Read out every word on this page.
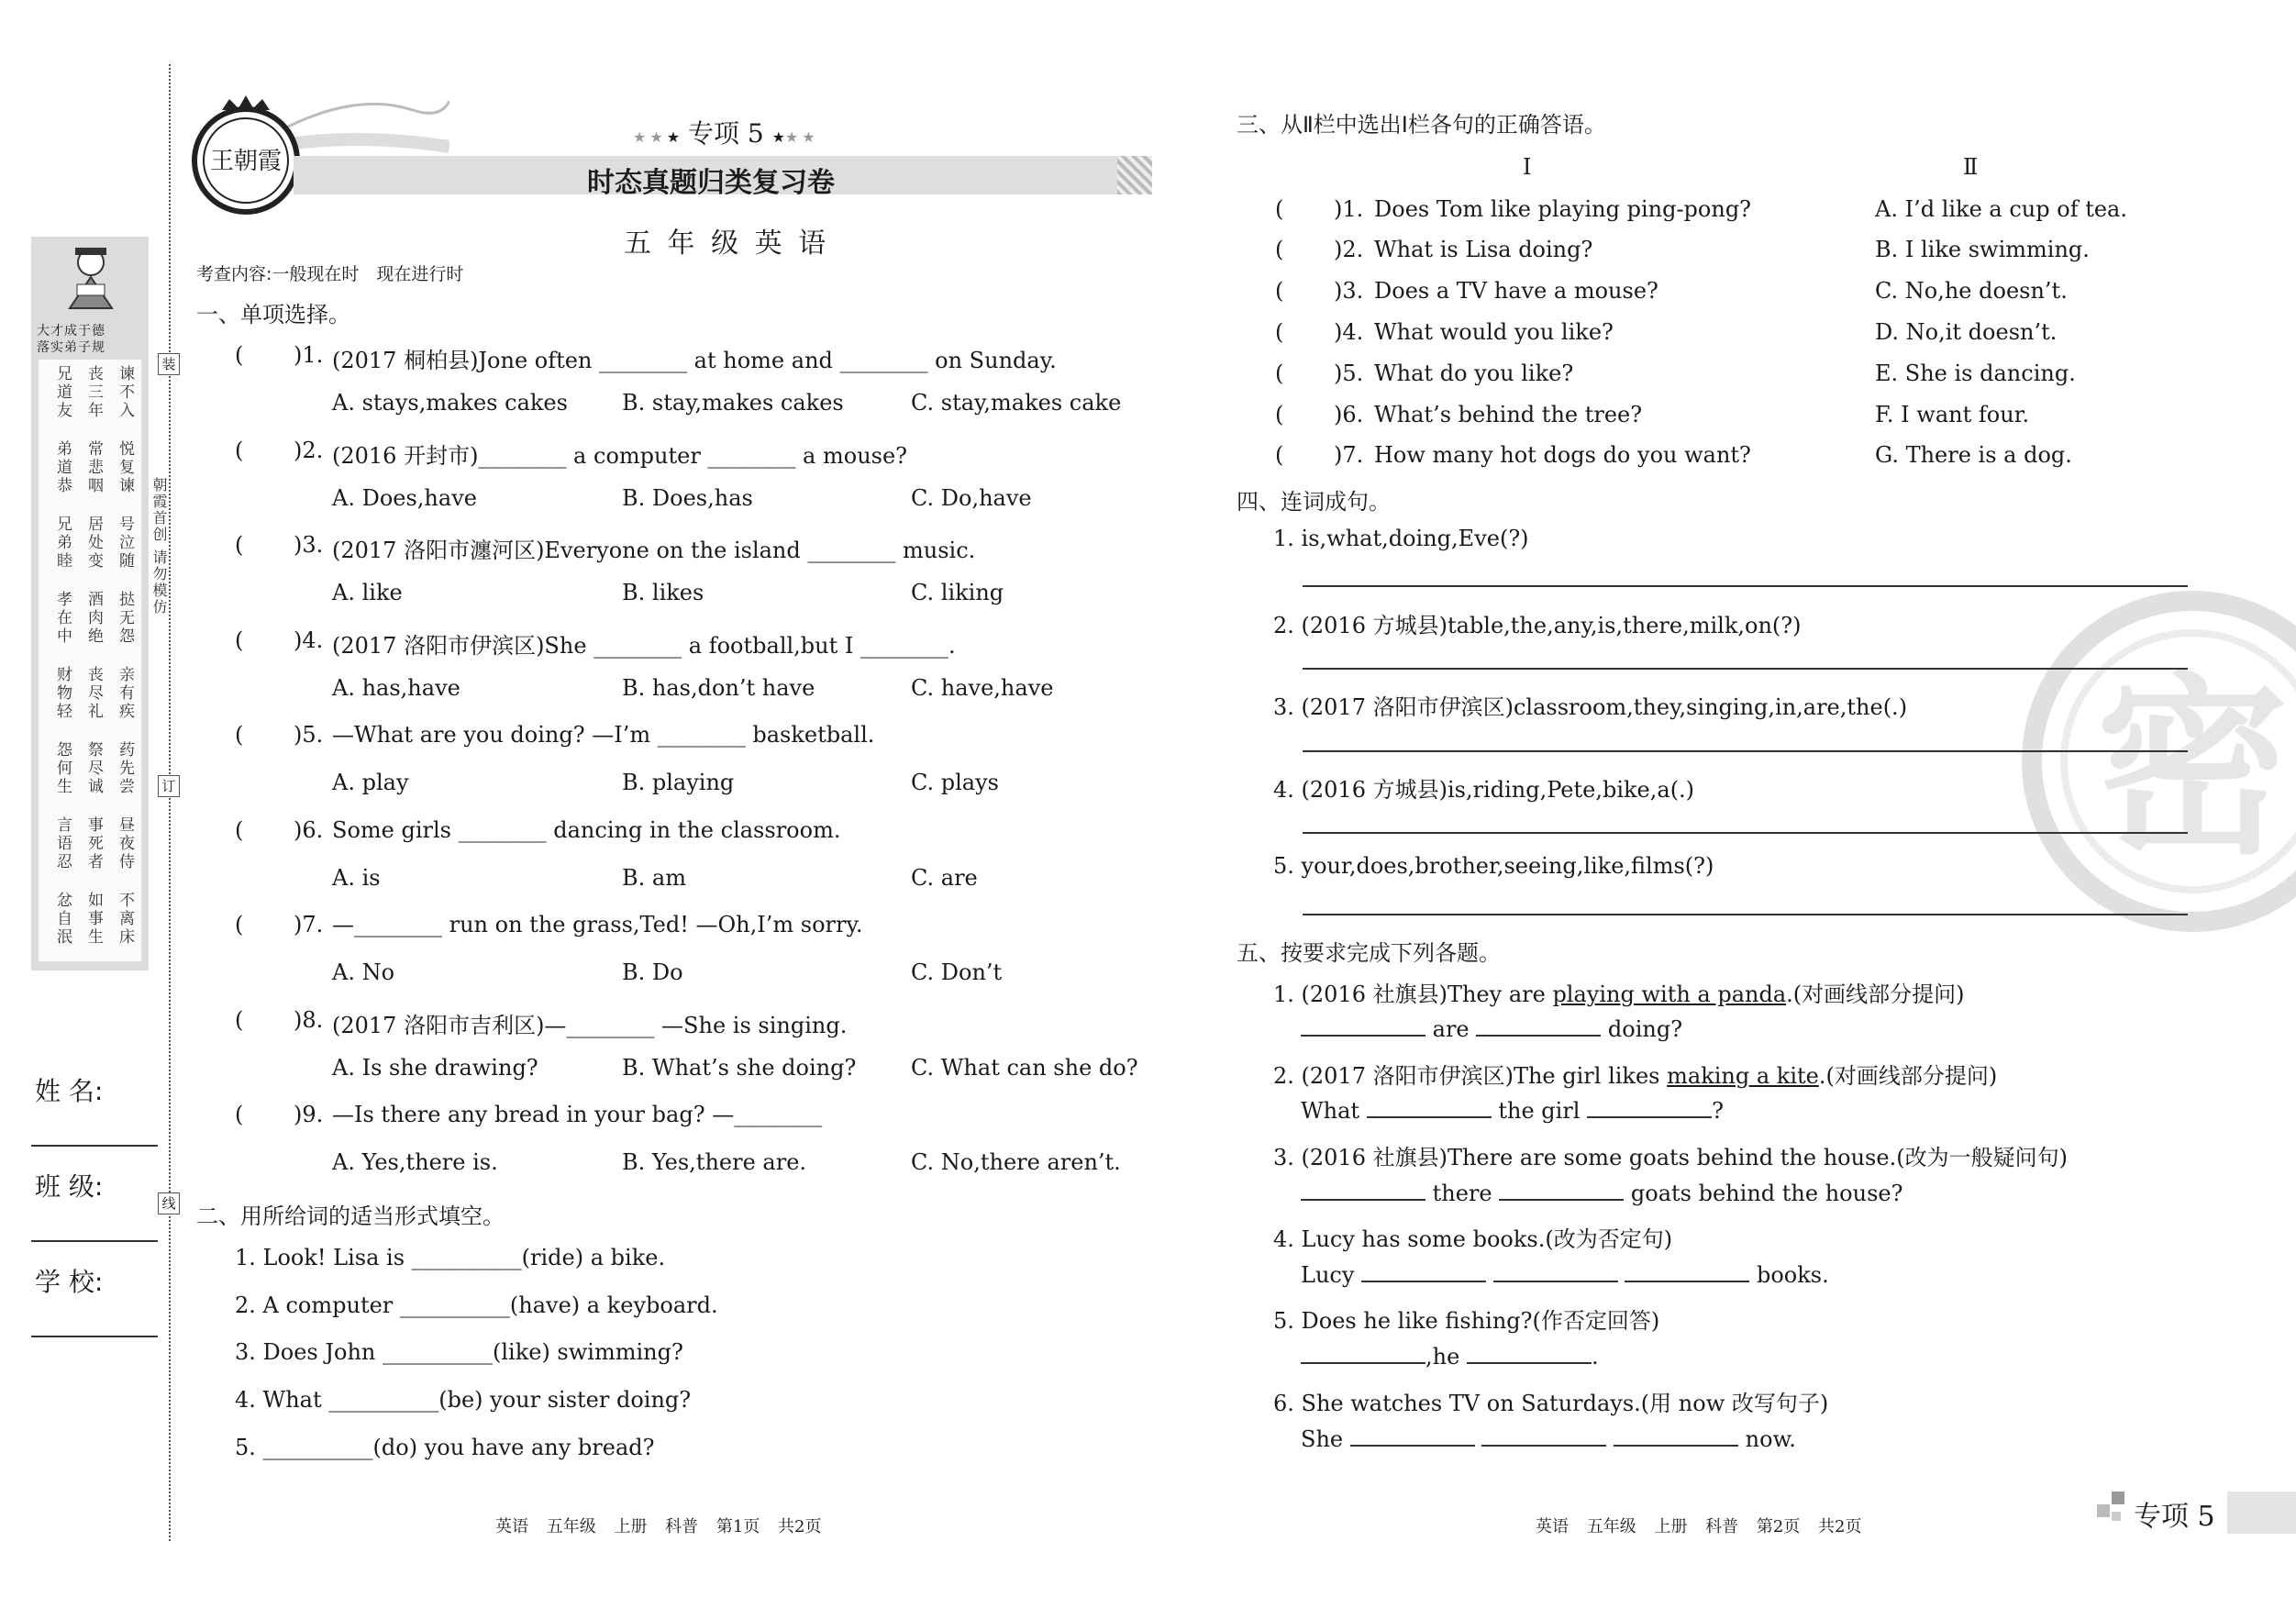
装
订
线
朝霞首创 请勿模仿
大才成于德
落实弟子规
兄道友 丧三年 谏不入
弟道恭 常悲咽 悦复谏
兄弟睦 居处变 号泣随
孝在中 酒肉绝 挞无怨
财物轻 丧尽礼 亲有疾
怨何生 祭尽诚 药先尝
言语忍 事死者 昼夜侍
忿自泯 如事生 不离床
姓 名:
班 级:
学 校:
王朝霞
★★★ 专项 5 ★★★
时态真题归类复习卷
五 年 级 英 语
考查内容:一般现在时　现在进行时
一、单项选择。
( )1. (2017 桐柏县)Jone often ________ at home and ________ on Sunday.
A. stays,makes cakes B. stay,makes cakes	C. stay,makes cake
( )2. (2016 开封市)________ a computer ________ a mouse?
A. Does,have	B. Does,has	C. Do,have
( )3. (2017 洛阳市瀍河区)Everyone on the island ________ music.
A. like	B. likes	C. liking
( )4. (2017 洛阳市伊滨区)She ________ a football,but I ________.
A. has,have	B. has,don’t have	C. have,have
( )5. —What are you doing? —I’m ________ basketball.
A. play	B. playing	C. plays
( )6. Some girls ________ dancing in the classroom.
A. is	B. am	C. are
( )7. —________ run on the grass,Ted! —Oh,I’m sorry.
A. No	B. Do	C. Don’t
( )8. (2017 洛阳市吉利区)—________ —She is singing.
A. Is she drawing?	B. What’s she doing? C. What can she do?
( )9. —Is there any bread in your bag? —________
A. Yes,there is.	B. Yes,there are.	C. No,there aren’t.
二、用所给词的适当形式填空。
1. Look! Lisa is __________(ride) a bike.
2. A computer __________(have) a keyboard.
3. Does John __________(like) swimming?
4. What __________(be) your sister doing?
5. __________(do) you have any bread?
英语 五年级 上册 科普 第1页 共2页
密
三、从Ⅱ栏中选出Ⅰ栏各句的正确答语。
Ⅰ	Ⅱ
( )1. Does Tom like playing ping-pong?	A. I’d like a cup of tea.
( )2. What is Lisa doing?	B. I like swimming.
( )3. Does a TV have a mouse?	C. No,he doesn’t.
( )4. What would you like?	D. No,it doesn’t.
( )5. What do you like?	E. She is dancing.
( )6. What’s behind the tree?	F. I want four.
( )7. How many hot dogs do you want?	G. There is a dog.
四、连词成句。
1. is,what,doing,Eve(?)
2. (2016 方城县)table,the,any,is,there,milk,on(?)
3. (2017 洛阳市伊滨区)classroom,they,singing,in,are,the(.)
4. (2016 方城县)is,riding,Pete,bike,a(.)
5. your,does,brother,seeing,like,films(?)
五、按要求完成下列各题。
1. (2016 社旗县)They are playing with a panda.(对画线部分提问)
are	doing?
2. (2017 洛阳市伊滨区)The girl likes making a kite.(对画线部分提问)
What	the girl	?
3. (2016 社旗县)There are some goats behind the house.(改为一般疑问句)
there	goats behind the house?
4. Lucy has some books.(改为否定句)
Lucy	books.
5. Does he like fishing?(作否定回答)
,he	.
6. She watches TV on Saturdays.(用 now 改写句子)
She	now.
英语 五年级 上册 科普 第2页 共2页	专项 5
